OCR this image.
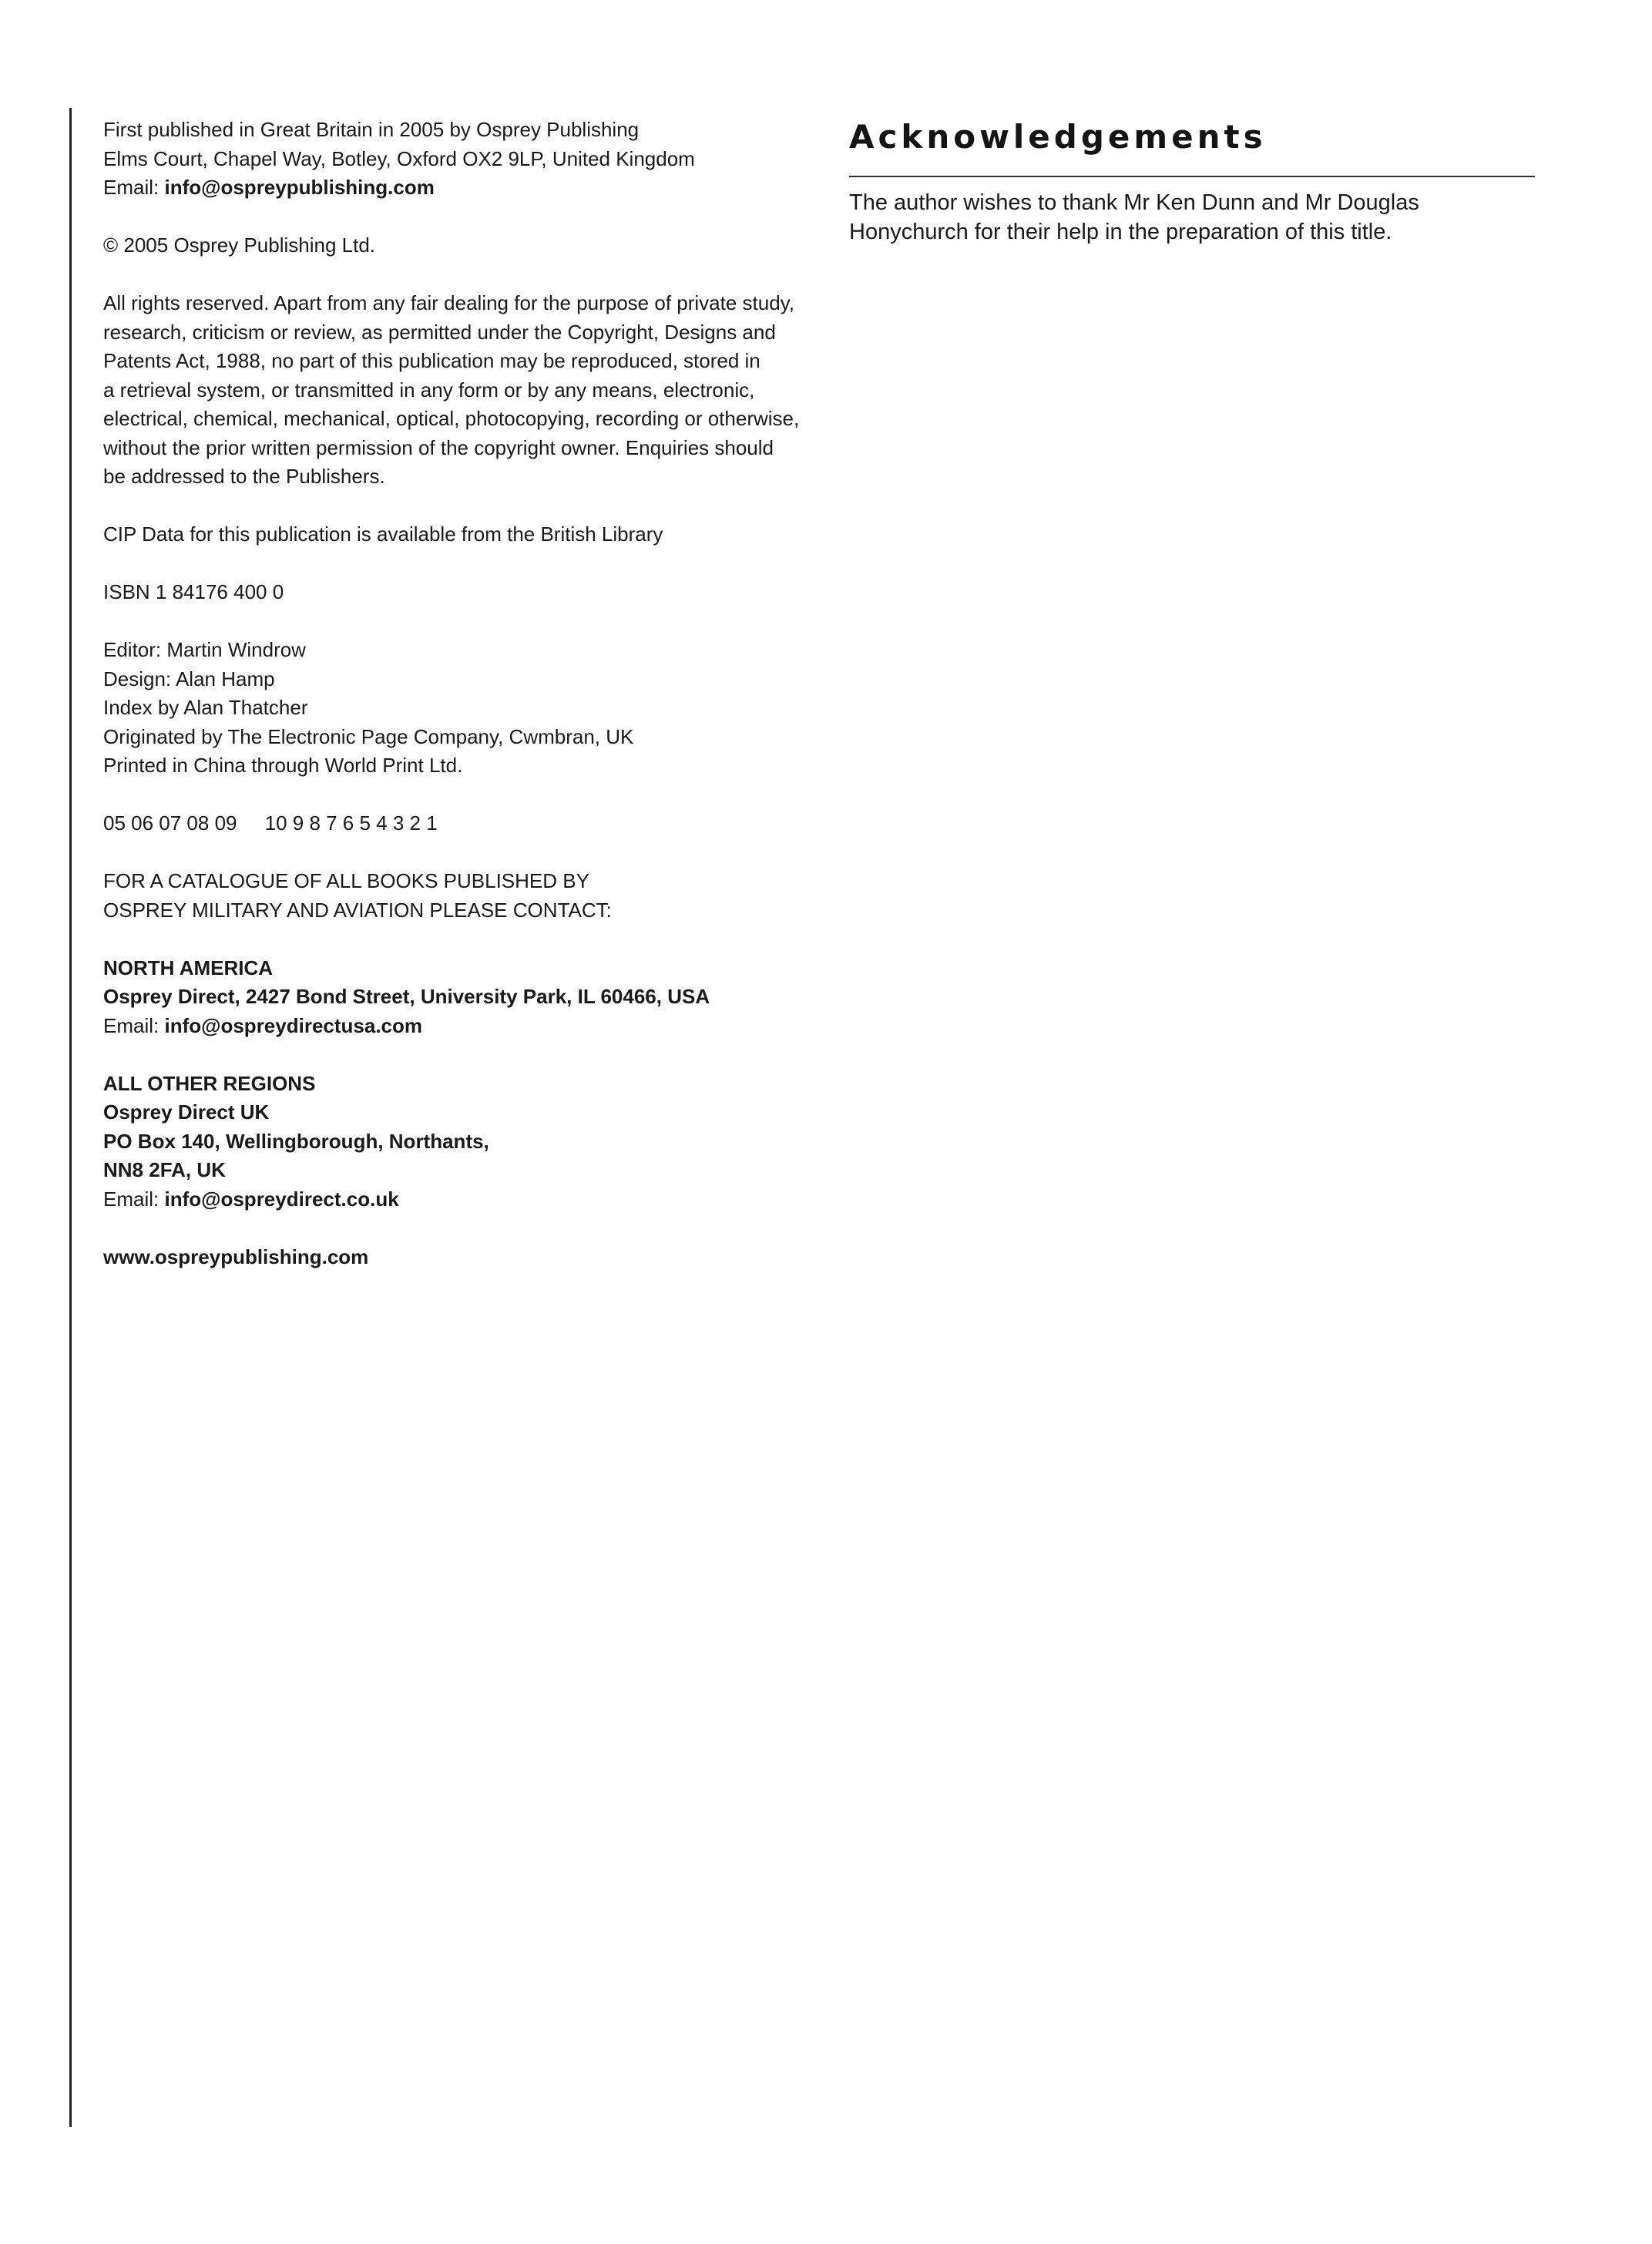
First published in Great Britain in 2005 by Osprey Publishing
Elms Court, Chapel Way, Botley, Oxford OX2 9LP, United Kingdom
Email: info@ospreypublishing.com

© 2005 Osprey Publishing Ltd.

All rights reserved. Apart from any fair dealing for the purpose of private study,
research, criticism or review, as permitted under the Copyright, Designs and
Patents Act, 1988, no part of this publication may be reproduced, stored in
a retrieval system, or transmitted in any form or by any means, electronic,
electrical, chemical, mechanical, optical, photocopying, recording or otherwise,
without the prior written permission of the copyright owner. Enquiries should
be addressed to the Publishers.

CIP Data for this publication is available from the British Library

ISBN 1 84176 400 0

Editor: Martin Windrow
Design: Alan Hamp
Index by Alan Thatcher
Originated by The Electronic Page Company, Cwmbran, UK
Printed in China through World Print Ltd.

05 06 07 08 09     10 9 8 7 6 5 4 3 2 1

FOR A CATALOGUE OF ALL BOOKS PUBLISHED BY
OSPREY MILITARY AND AVIATION PLEASE CONTACT:

NORTH AMERICA
Osprey Direct, 2427 Bond Street, University Park, IL 60466, USA
Email: info@ospreydirectusa.com

ALL OTHER REGIONS
Osprey Direct UK
PO Box 140, Wellingborough, Northants,
NN8 2FA, UK
Email: info@ospreydirect.co.uk

www.ospreypublishing.com

Acknowledgements
The author wishes to thank Mr Ken Dunn and Mr Douglas
Honychurch for their help in the preparation of this title.
